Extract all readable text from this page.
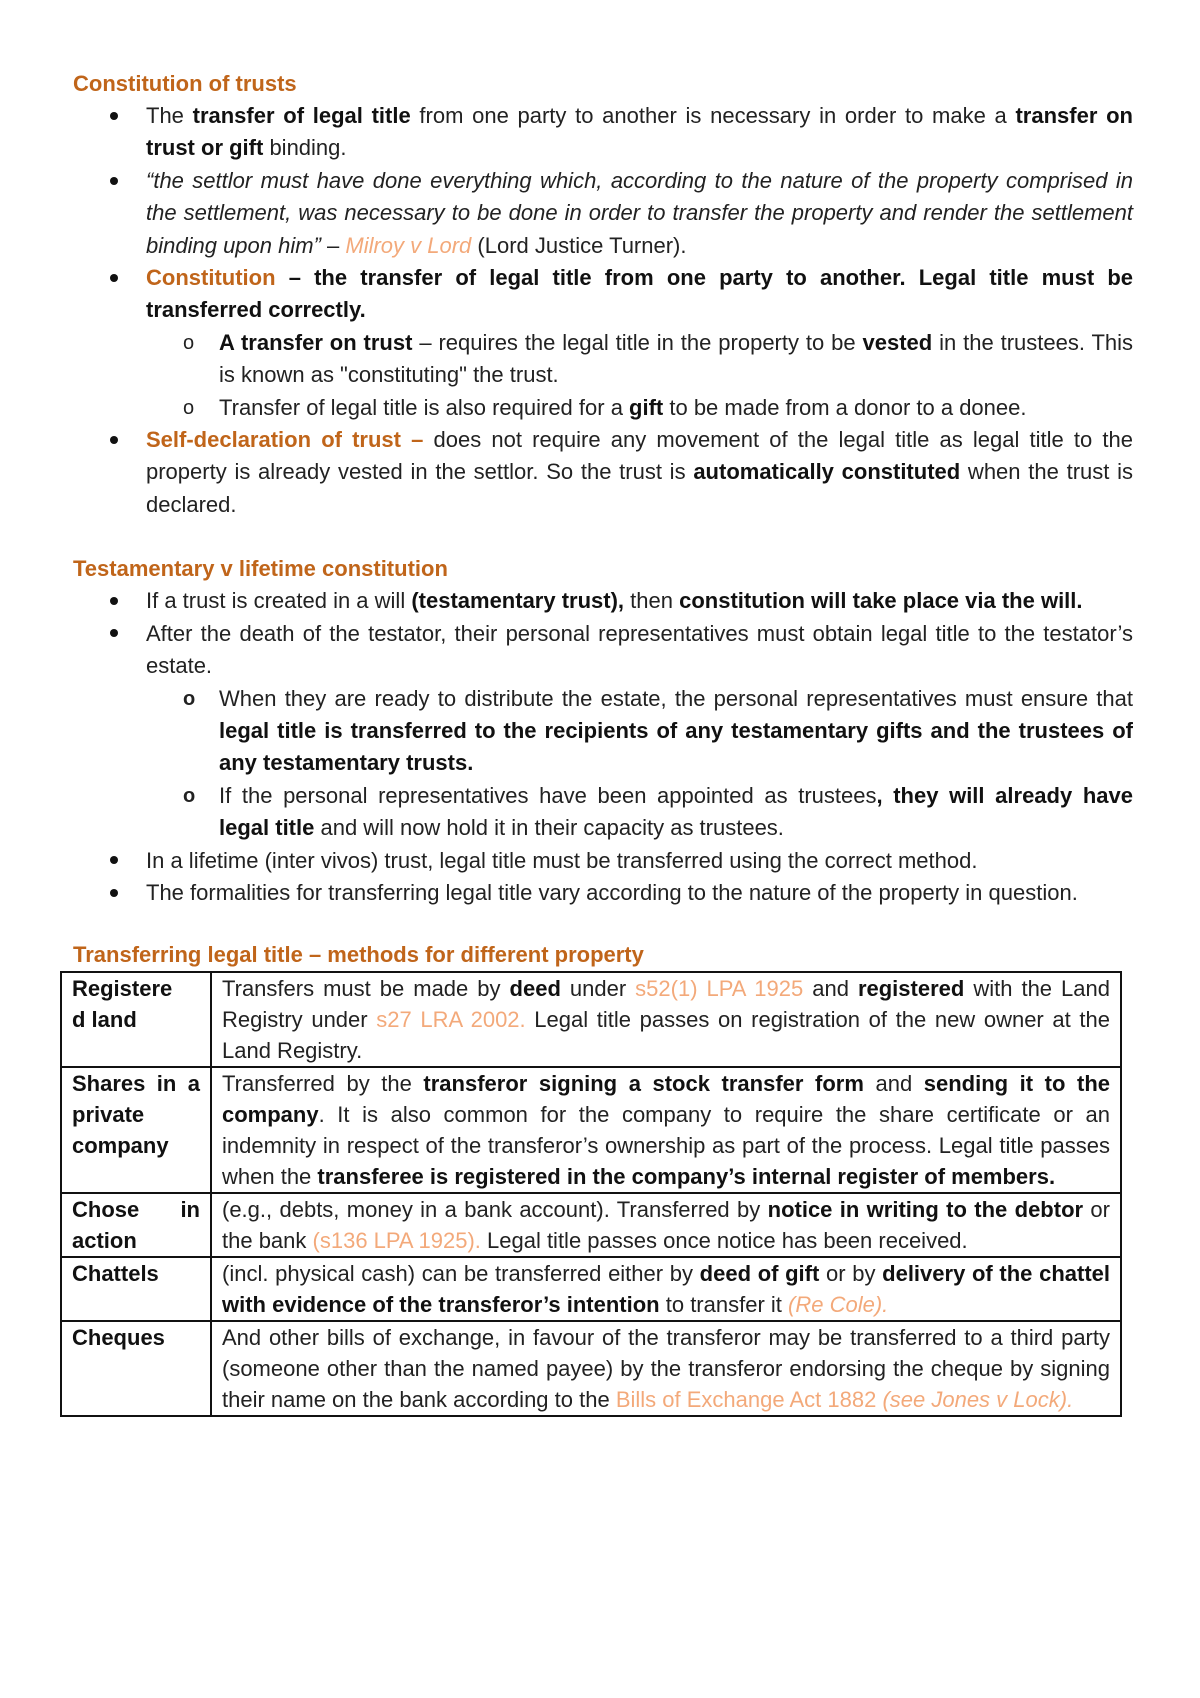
Constitution of trusts
The transfer of legal title from one party to another is necessary in order to make a transfer on trust or gift binding.
“the settlor must have done everything which, according to the nature of the property comprised in the settlement, was necessary to be done in order to transfer the property and render the settlement binding upon him” – Milroy v Lord (Lord Justice Turner).
Constitution – the transfer of legal title from one party to another. Legal title must be transferred correctly.
o A transfer on trust – requires the legal title in the property to be vested in the trustees. This is known as "constituting" the trust.
o Transfer of legal title is also required for a gift to be made from a donor to a donee.
Self-declaration of trust – does not require any movement of the legal title as legal title to the property is already vested in the settlor. So the trust is automatically constituted when the trust is declared.
Testamentary v lifetime constitution
If a trust is created in a will (testamentary trust), then constitution will take place via the will.
After the death of the testator, their personal representatives must obtain legal title to the testator’s estate.
o When they are ready to distribute the estate, the personal representatives must ensure that legal title is transferred to the recipients of any testamentary gifts and the trustees of any testamentary trusts.
o If the personal representatives have been appointed as trustees, they will already have legal title and will now hold it in their capacity as trustees.
In a lifetime (inter vivos) trust, legal title must be transferred using the correct method.
The formalities for transferring legal title vary according to the nature of the property in question.
Transferring legal title – methods for different property
Registere
d land	Transfers must be made by deed under s52(1) LPA 1925 and registered with the Land Registry under s27 LRA 2002. Legal title passes on registration of the new owner at the Land Registry.
Shares in a private company	Transferred by the transferor signing a stock transfer form and sending it to the company. It is also common for the company to require the share certificate or an indemnity in respect of the transferor’s ownership as part of the process. Legal title passes when the transferee is registered in the company’s internal register of members.
Chose in action	(e.g., debts, money in a bank account). Transferred by notice in writing to the debtor or the bank (s136 LPA 1925). Legal title passes once notice has been received.
Chattels	(incl. physical cash) can be transferred either by deed of gift or by delivery of the chattel with evidence of the transferor’s intention to transfer it (Re Cole).
Cheques	And other bills of exchange, in favour of the transferor may be transferred to a third party (someone other than the named payee) by the transferor endorsing the cheque by signing their name on the bank according to the Bills of Exchange Act 1882 (see Jones v Lock).
